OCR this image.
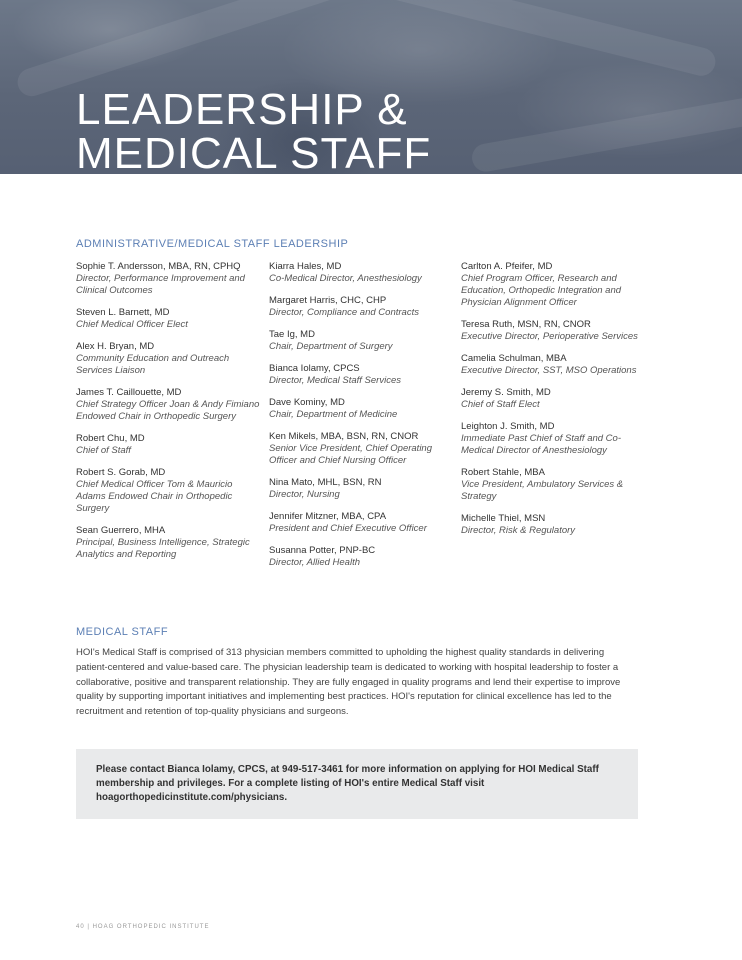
LEADERSHIP &
MEDICAL STAFF
ADMINISTRATIVE/MEDICAL STAFF LEADERSHIP
Sophie T. Andersson, MBA, RN, CPHQ
Director, Performance Improvement and Clinical Outcomes
Steven L. Barnett, MD
Chief Medical Officer Elect
Alex H. Bryan, MD
Community Education and Outreach Services Liaison
James T. Caillouette, MD
Chief Strategy Officer Joan & Andy Fimiano Endowed Chair in Orthopedic Surgery
Robert Chu, MD
Chief of Staff
Robert S. Gorab, MD
Chief Medical Officer Tom & Mauricio Adams Endowed Chair in Orthopedic Surgery
Sean Guerrero, MHA
Principal, Business Intelligence, Strategic Analytics and Reporting
Kiarra Hales, MD
Co-Medical Director, Anesthesiology
Margaret Harris, CHC, CHP
Director, Compliance and Contracts
Tae Ig, MD
Chair, Department of Surgery
Bianca Iolamy, CPCS
Director, Medical Staff Services
Dave Kominy, MD
Chair, Department of Medicine
Ken Mikels, MBA, BSN, RN, CNOR
Senior Vice President, Chief Operating Officer and Chief Nursing Officer
Nina Mato, MHL, BSN, RN
Director, Nursing
Jennifer Mitzner, MBA, CPA
President and Chief Executive Officer
Susanna Potter, PNP-BC
Director, Allied Health
Carlton A. Pfeifer, MD
Chief Program Officer, Research and Education, Orthopedic Integration and Physician Alignment Officer
Teresa Ruth, MSN, RN, CNOR
Executive Director, Perioperative Services
Camelia Schulman, MBA
Executive Director, SST, MSO Operations
Jeremy S. Smith, MD
Chief of Staff Elect
Leighton J. Smith, MD
Immediate Past Chief of Staff and Co-Medical Director of Anesthesiology
Robert Stahle, MBA
Vice President, Ambulatory Services & Strategy
Michelle Thiel, MSN
Director, Risk & Regulatory
MEDICAL STAFF
HOI's Medical Staff is comprised of 313 physician members committed to upholding the highest quality standards in delivering patient-centered and value-based care. The physician leadership team is dedicated to working with hospital leadership to foster a collaborative, positive and transparent relationship. They are fully engaged in quality programs and lend their expertise to improve quality by supporting important initiatives and implementing best practices. HOI's reputation for clinical excellence has led to the recruitment and retention of top-quality physicians and surgeons.
Please contact Bianca Iolamy, CPCS, at 949-517-3461 for more information on applying for HOI Medical Staff membership and privileges. For a complete listing of HOI's entire Medical Staff visit hoagorthopedicinstitute.com/physicians.
40 | HOAG ORTHOPEDIC INSTITUTE
